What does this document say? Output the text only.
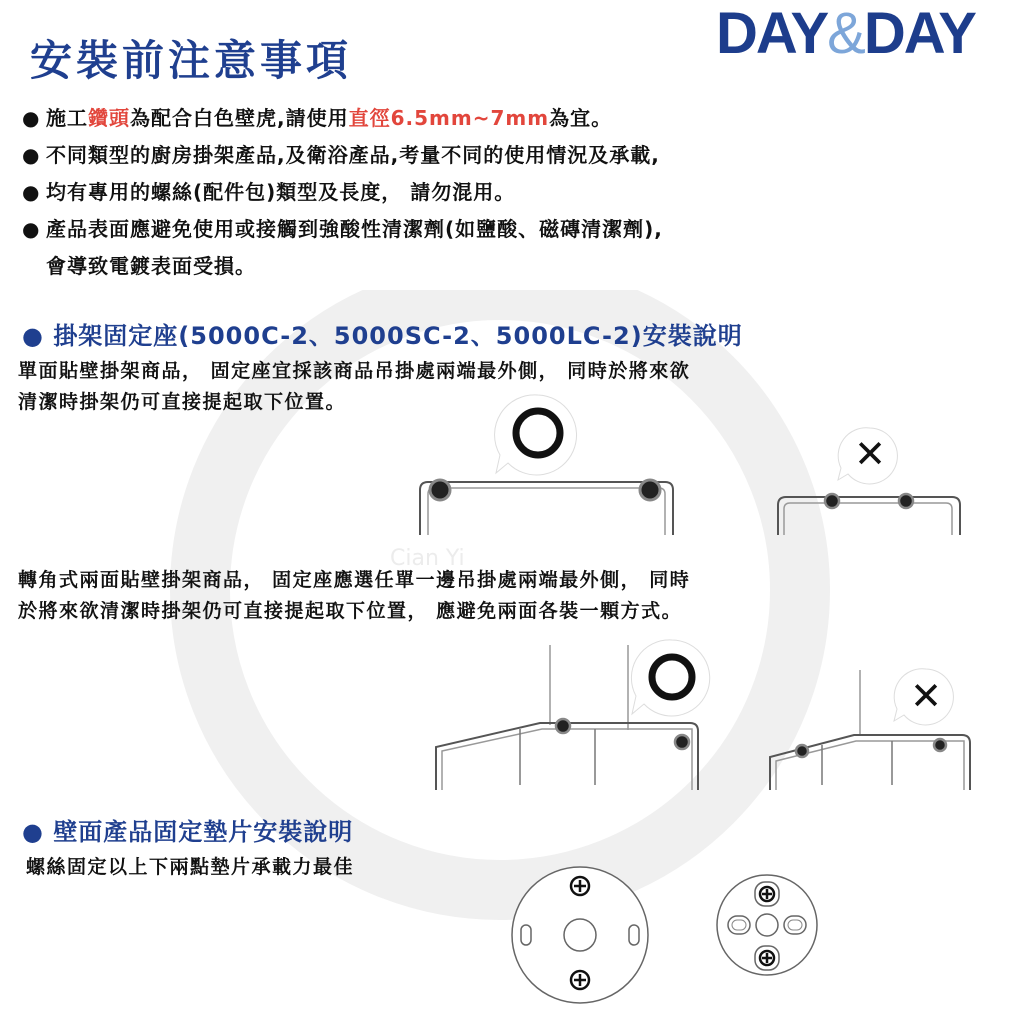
Cian Yi
安裝前注意事項	DAY&DAY
● 施工鑽頭為配合白色壁虎,請使用直徑6.5mm~7mm為宜。
● 不同類型的廚房掛架產品,及衛浴產品,考量不同的使用情況及承載,
● 均有專用的螺絲(配件包)類型及長度， 請勿混用。
● 產品表面應避免使用或接觸到強酸性清潔劑(如鹽酸、磁磚清潔劑),
會導致電鍍表面受損。
● 掛架固定座(5000C-2、5000SC-2、5000LC-2)安裝說明
單面貼壁掛架商品， 固定座宜採該商品吊掛處兩端最外側， 同時於將來欲
清潔時掛架仍可直接提起取下位置。
✕
轉角式兩面貼壁掛架商品， 固定座應選任單一邊吊掛處兩端最外側， 同時
於將來欲清潔時掛架仍可直接提起取下位置， 應避免兩面各裝一顆方式。
✕
● 壁面產品固定墊片安裝說明
螺絲固定以上下兩點墊片承載力最佳
